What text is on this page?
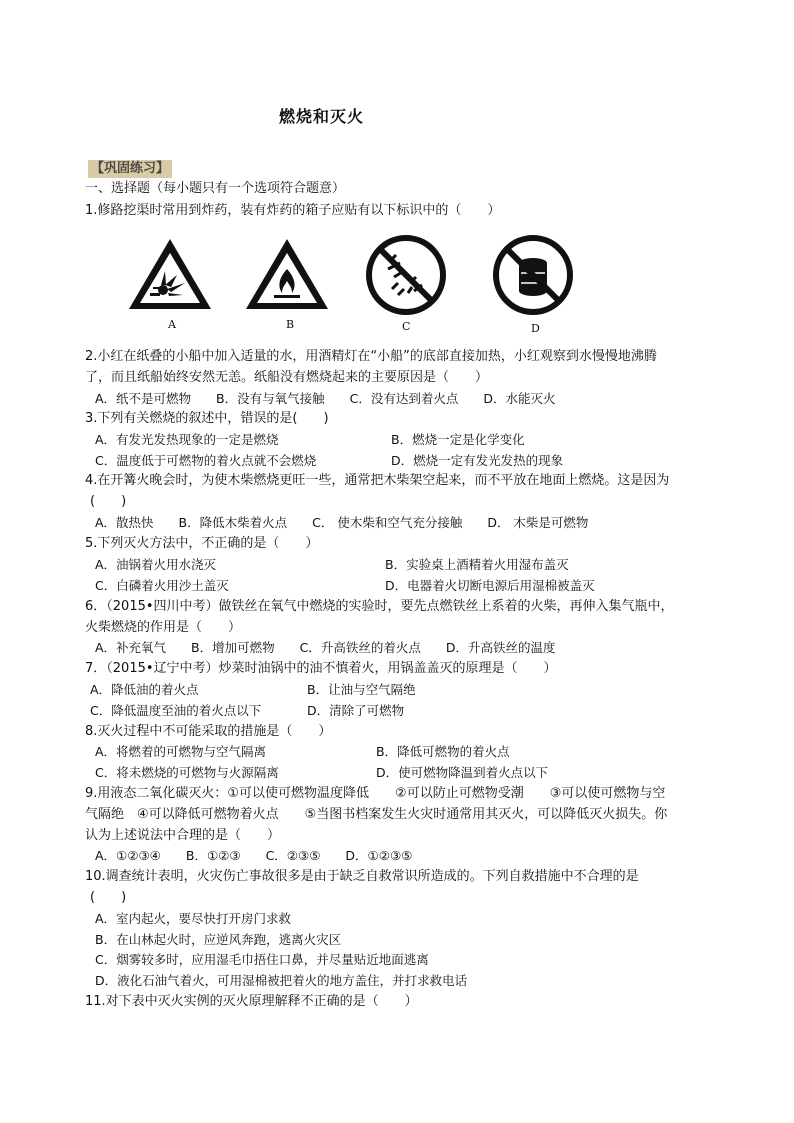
燃烧和灭火
【巩固练习】
一、选择题（每小题只有一个选项符合题意）
1.修路挖渠时常用到炸药，装有炸药的箱子应贴有以下标识中的（　　）
A	B	C	D
2.小红在纸叠的小船中加入适量的水，用酒精灯在“小船”的底部直接加热，小红观察到水慢慢地沸腾
了，而且纸船始终安然无恙。纸船没有燃烧起来的主要原因是（　　）
A．纸不是可燃物　　B．没有与氧气接触　　C．没有达到着火点　　D．水能灭火
3.下列有关燃烧的叙述中，错误的是(　　)
A．有发光发热现象的一定是燃烧	B．燃烧一定是化学变化
C．温度低于可燃物的着火点就不会燃烧	D．燃烧一定有发光发热的现象
4.在开篝火晚会时，为使木柴燃烧更旺一些，通常把木柴架空起来，而不平放在地面上燃烧。这是因为
(　　)
A．散热快　　B．降低木柴着火点　　C． 使木柴和空气充分接触　　D． 木柴是可燃物
5.下列灭火方法中，不正确的是（　　）
A．油锅着火用水浇灭	B．实验桌上酒精着火用湿布盖灭
C．白磷着火用沙土盖灭	D．电器着火切断电源后用湿棉被盖灭
6．（2015•四川中考）做铁丝在氧气中燃烧的实验时，要先点燃铁丝上系着的火柴，再伸入集气瓶中，
火柴燃烧的作用是（　　）
A．补充氧气　　B．增加可燃物　　C．升高铁丝的着火点　　D．升高铁丝的温度
7．（2015•辽宁中考）炒菜时油锅中的油不慎着火，用锅盖盖灭的原理是（　　）
A．降低油的着火点	B．让油与空气隔绝
C．降低温度至油的着火点以下	D．清除了可燃物
8.灭火过程中不可能采取的措施是（　　）
A．将燃着的可燃物与空气隔离	B．降低可燃物的着火点
C．将未燃烧的可燃物与火源隔离	D．使可燃物降温到着火点以下
9.用液态二氧化碳灭火：①可以使可燃物温度降低　　②可以防止可燃物受潮　　③可以使可燃物与空
气隔绝　④可以降低可燃物着火点　　⑤当图书档案发生火灾时通常用其灭火，可以降低灭火损失。你
认为上述说法中合理的是（　　）
A．①②③④　　B．①②③　　C．②③⑤　　D．①②③⑤
10.调查统计表明，火灾伤亡事故很多是由于缺乏自救常识所造成的。下列自救措施中不合理的是
(　　)
A．室内起火，要尽快打开房门求救
B．在山林起火时，应逆风奔跑，逃离火灾区
C．烟雾较多时，应用湿毛巾捂住口鼻，并尽量贴近地面逃离
D．液化石油气着火，可用湿棉被把着火的地方盖住，并打求救电话
11.对下表中灭火实例的灭火原理解释不正确的是（　　）
